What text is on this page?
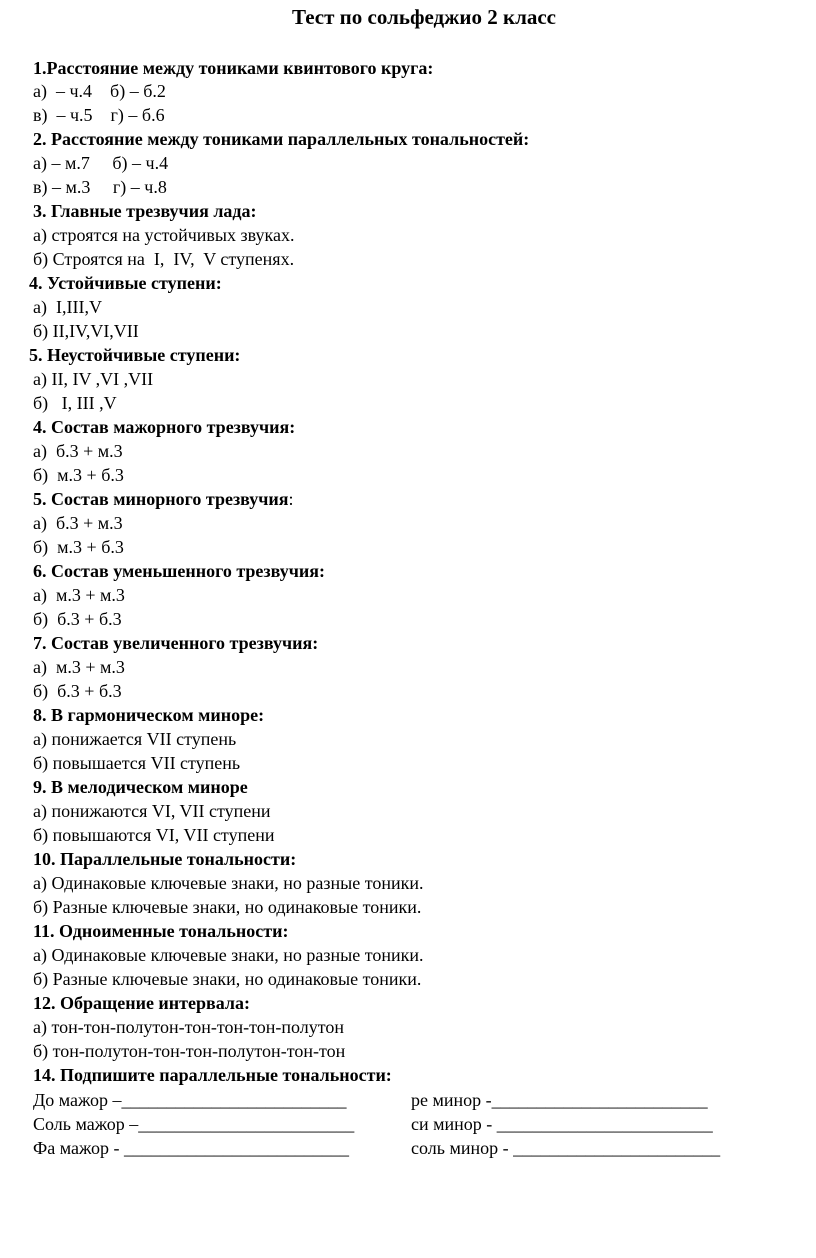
Тест по сольфеджио 2 класс
1.Расстояние между тониками квинтового круга:
а)  – ч.4    б) – б.2
в)  – ч.5    г) – б.6
2. Расстояние между тониками параллельных тональностей:
а) – м.7     б) – ч.4
в) – м.3     г) – ч.8
3. Главные трезвучия лада:
а) строятся на устойчивых звуках.
б) Строятся на  I,  IV,  V ступенях.
4. Устойчивые ступени:
а)  I,III,V
б) II,IV,VI,VII
5. Неустойчивые ступени:
а) II, IV ,VI ,VII
б)   I, III ,V
4. Состав мажорного трезвучия:
а)  б.3 + м.3
б)  м.3 + б.3
5. Состав минорного трезвучия:
а)  б.3 + м.3
б)  м.3 + б.3
6. Состав уменьшенного трезвучия:
а)  м.3 + м.3
б)  б.3 + б.3
7. Состав увеличенного трезвучия:
а)  м.3 + м.3
б)  б.3 + б.3
8. В гармоническом миноре:
а) понижается VII ступень
б) повышается VII ступень
9. В мелодическом миноре
а) понижаются VI, VII ступени
б) повышаются VI, VII ступени
10. Параллельные тональности:
а) Одинаковые ключевые знаки, но разные тоники.
б) Разные ключевые знаки, но одинаковые тоники.
11. Одноименные тональности:
а) Одинаковые ключевые знаки, но разные тоники.
б) Разные ключевые знаки, но одинаковые тоники.
12. Обращение интервала:
а) тон-тон-полутон-тон-тон-тон-полутон
б) тон-полутон-тон-тон-полутон-тон-тон
14. Подпишите параллельные тональности:
До мажор –_________________________	ре минор -________________________
Соль мажор –________________________	си минор - ________________________
Фа мажор - _________________________	соль минор - _______________________
